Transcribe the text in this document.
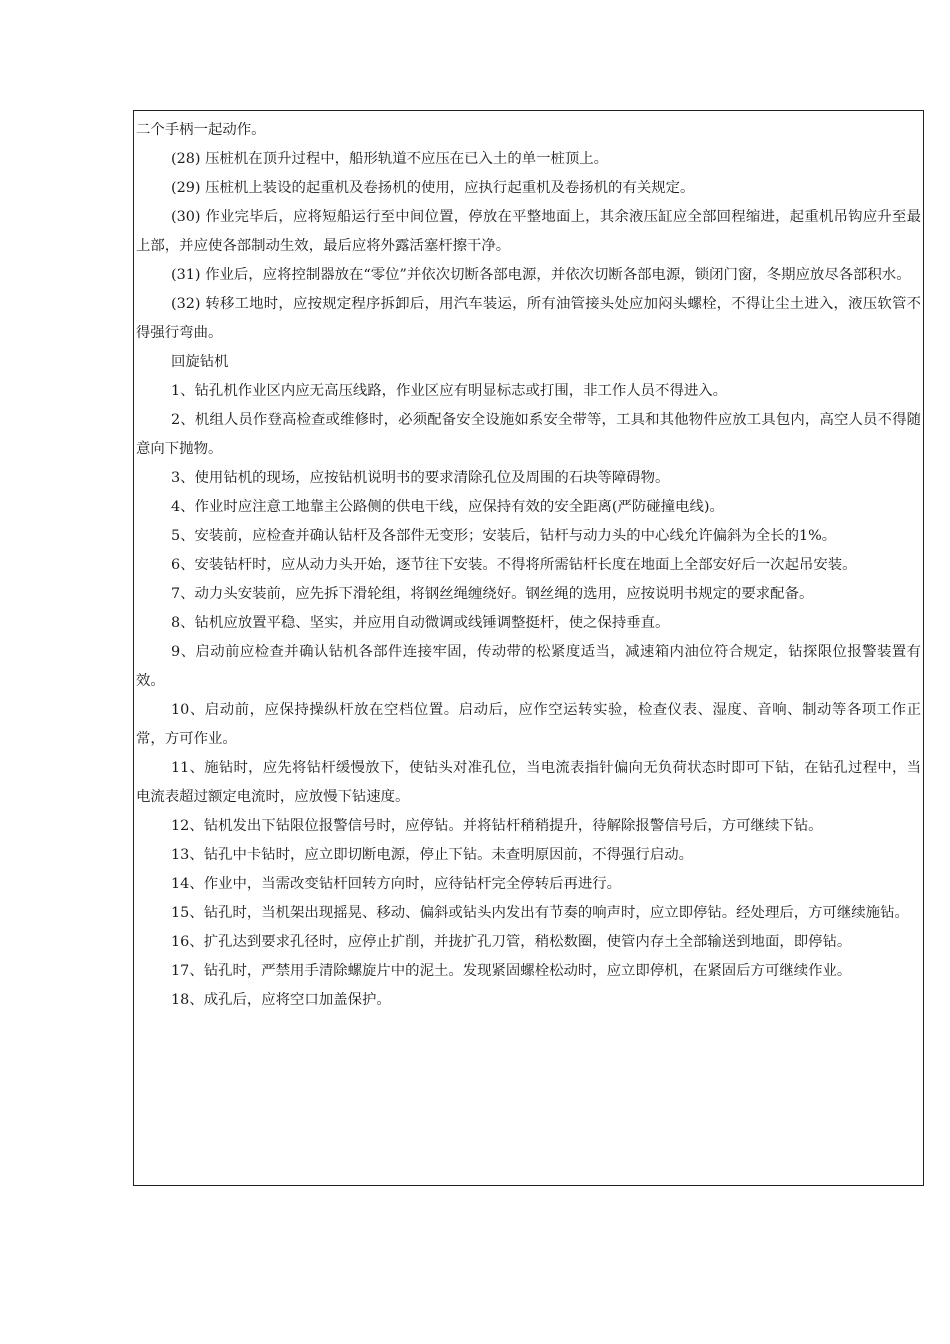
二个手柄一起动作。

(28) 压桩机在顶升过程中，船形轨道不应压在已入土的单一桩顶上。

(29) 压桩机上装设的起重机及卷扬机的使用，应执行起重机及卷扬机的有关规定。

(30) 作业完毕后，应将短船运行至中间位置，停放在平整地面上，其余液压缸应全部回程缩进，起重机吊钩应升至最上部，并应使各部制动生效，最后应将外露活塞杆擦干净。

(31) 作业后，应将控制器放在“零位”并依次切断各部电源，并依次切断各部电源，锁闭门窗，冬期应放尽各部积水。

(32) 转移工地时，应按规定程序拆卸后，用汽车装运，所有油管接头处应加闷头螺栓，不得让尘土进入，液压软管不得强行弯曲。

回旋钻机

1、钻孔机作业区内应无高压线路，作业区应有明显标志或打围，非工作人员不得进入。

2、机组人员作登高检查或维修时，必须配备安全设施如系安全带等，工具和其他物件应放工具包内，高空人员不得随意向下抛物。

3、使用钻机的现场，应按钻机说明书的要求清除孔位及周围的石块等障碍物。

4、作业时应注意工地靠主公路侧的供电干线，应保持有效的安全距离(严防碰撞电线)。

5、安装前，应检查并确认钻杆及各部件无变形；安装后，钻杆与动力头的中心线允许偏斜为全长的1%。

6、安装钻杆时，应从动力头开始，逐节往下安装。不得将所需钻杆长度在地面上全部安好后一次起吊安装。

7、动力头安装前，应先拆下滑轮组，将钢丝绳缠绕好。钢丝绳的选用，应按说明书规定的要求配备。

8、钻机应放置平稳、坚实，并应用自动微调或线锤调整挺杆，使之保持垂直。

9、启动前应检查并确认钻机各部件连接牢固，传动带的松紧度适当，减速箱内油位符合规定，钻探限位报警装置有效。

10、启动前，应保持操纵杆放在空档位置。启动后，应作空运转实验，检查仪表、湿度、音响、制动等各项工作正常，方可作业。

11、施钻时，应先将钻杆缓慢放下，使钻头对准孔位，当电流表指针偏向无负荷状态时即可下钻，在钻孔过程中，当电流表超过额定电流时，应放慢下钻速度。

12、钻机发出下钻限位报警信号时，应停钻。并将钻杆稍稍提升，待解除报警信号后，方可继续下钻。

13、钻孔中卡钻时，应立即切断电源，停止下钻。未查明原因前，不得强行启动。

14、作业中，当需改变钻杆回转方向时，应待钻杆完全停转后再进行。

15、钻孔时，当机架出现摇晃、移动、偏斜或钻头内发出有节奏的响声时，应立即停钻。经处理后，方可继续施钻。

16、扩孔达到要求孔径时，应停止扩削，并拢扩孔刀管，稍松数圈，使管内存土全部输送到地面，即停钻。

17、钻孔时，严禁用手清除螺旋片中的泥土。发现紧固螺栓松动时，应立即停机，在紧固后方可继续作业。

18、成孔后，应将空口加盖保护。
